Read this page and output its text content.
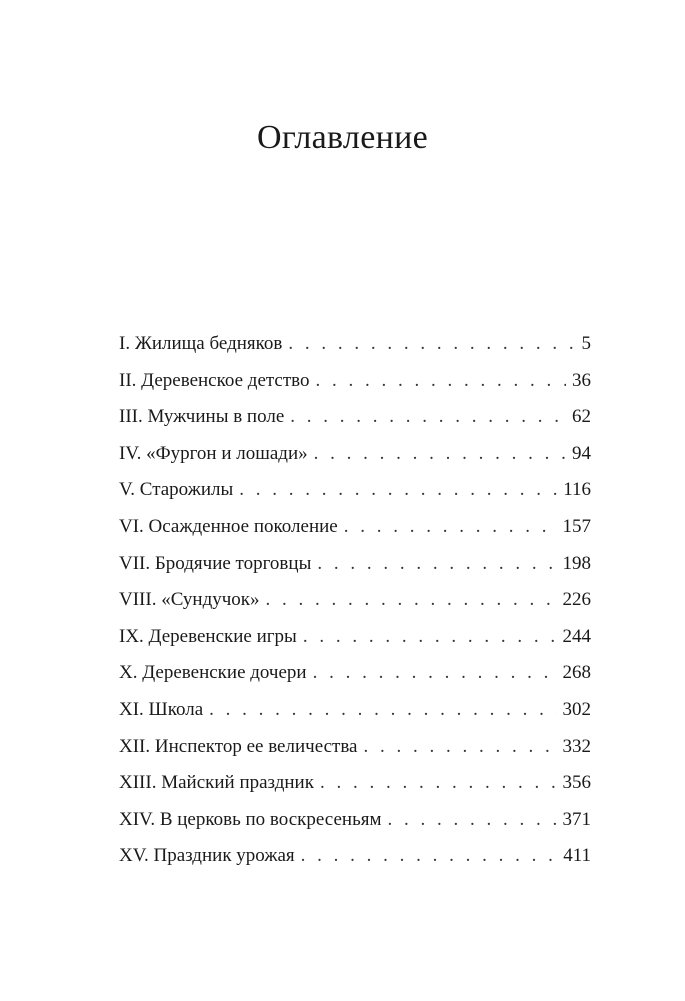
Оглавление
I. Жилища бедняков . . .	5
II. Деревенское детство . . .	36
III. Мужчины в поле . . .	62
IV. «Фургон и лошади» . . .	94
V. Старожилы . . .	116
VI. Осажденное поколение . . .	157
VII. Бродячие торговцы . . .	198
VIII. «Сундучок» . . .	226
IX. Деревенские игры . . .	244
X. Деревенские дочери . . .	268
XI. Школа . . .	302
XII. Инспектор ее величества . . .	332
XIII. Майский праздник . . .	356
XIV. В церковь по воскресеньям . . .	371
XV. Праздник урожая . . .	411
